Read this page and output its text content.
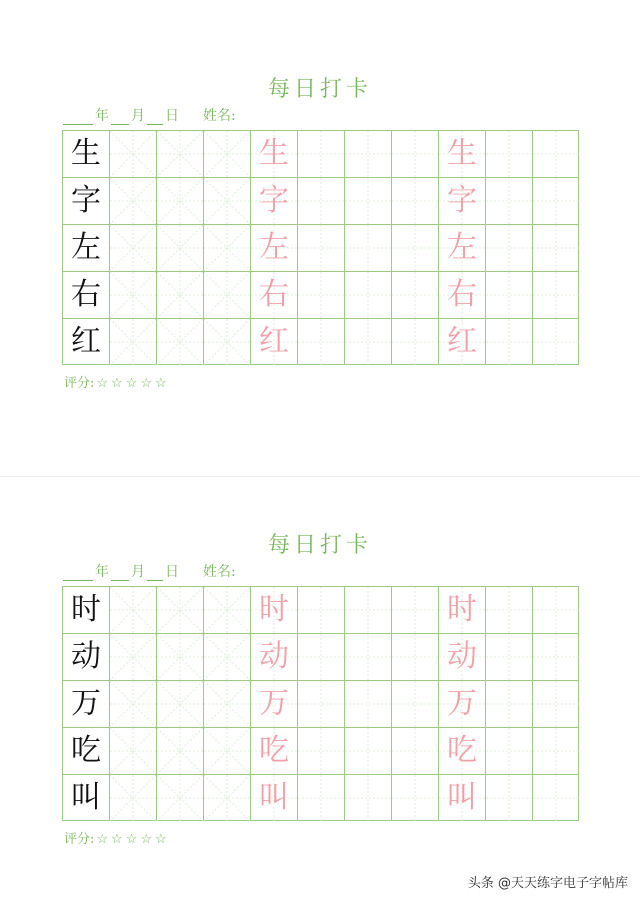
每日打卡
年 月 日 姓名:
生	生	生
字	字	字
左	左	左
右	右	右
红	红	红
评分: ☆☆☆☆☆
每日打卡
年 月 日 姓名:
时	时	时
动	动	动
万	万	万
吃	吃	吃
叫	叫	叫
评分: ☆☆☆☆☆
头条 @天天练字电子字帖库
